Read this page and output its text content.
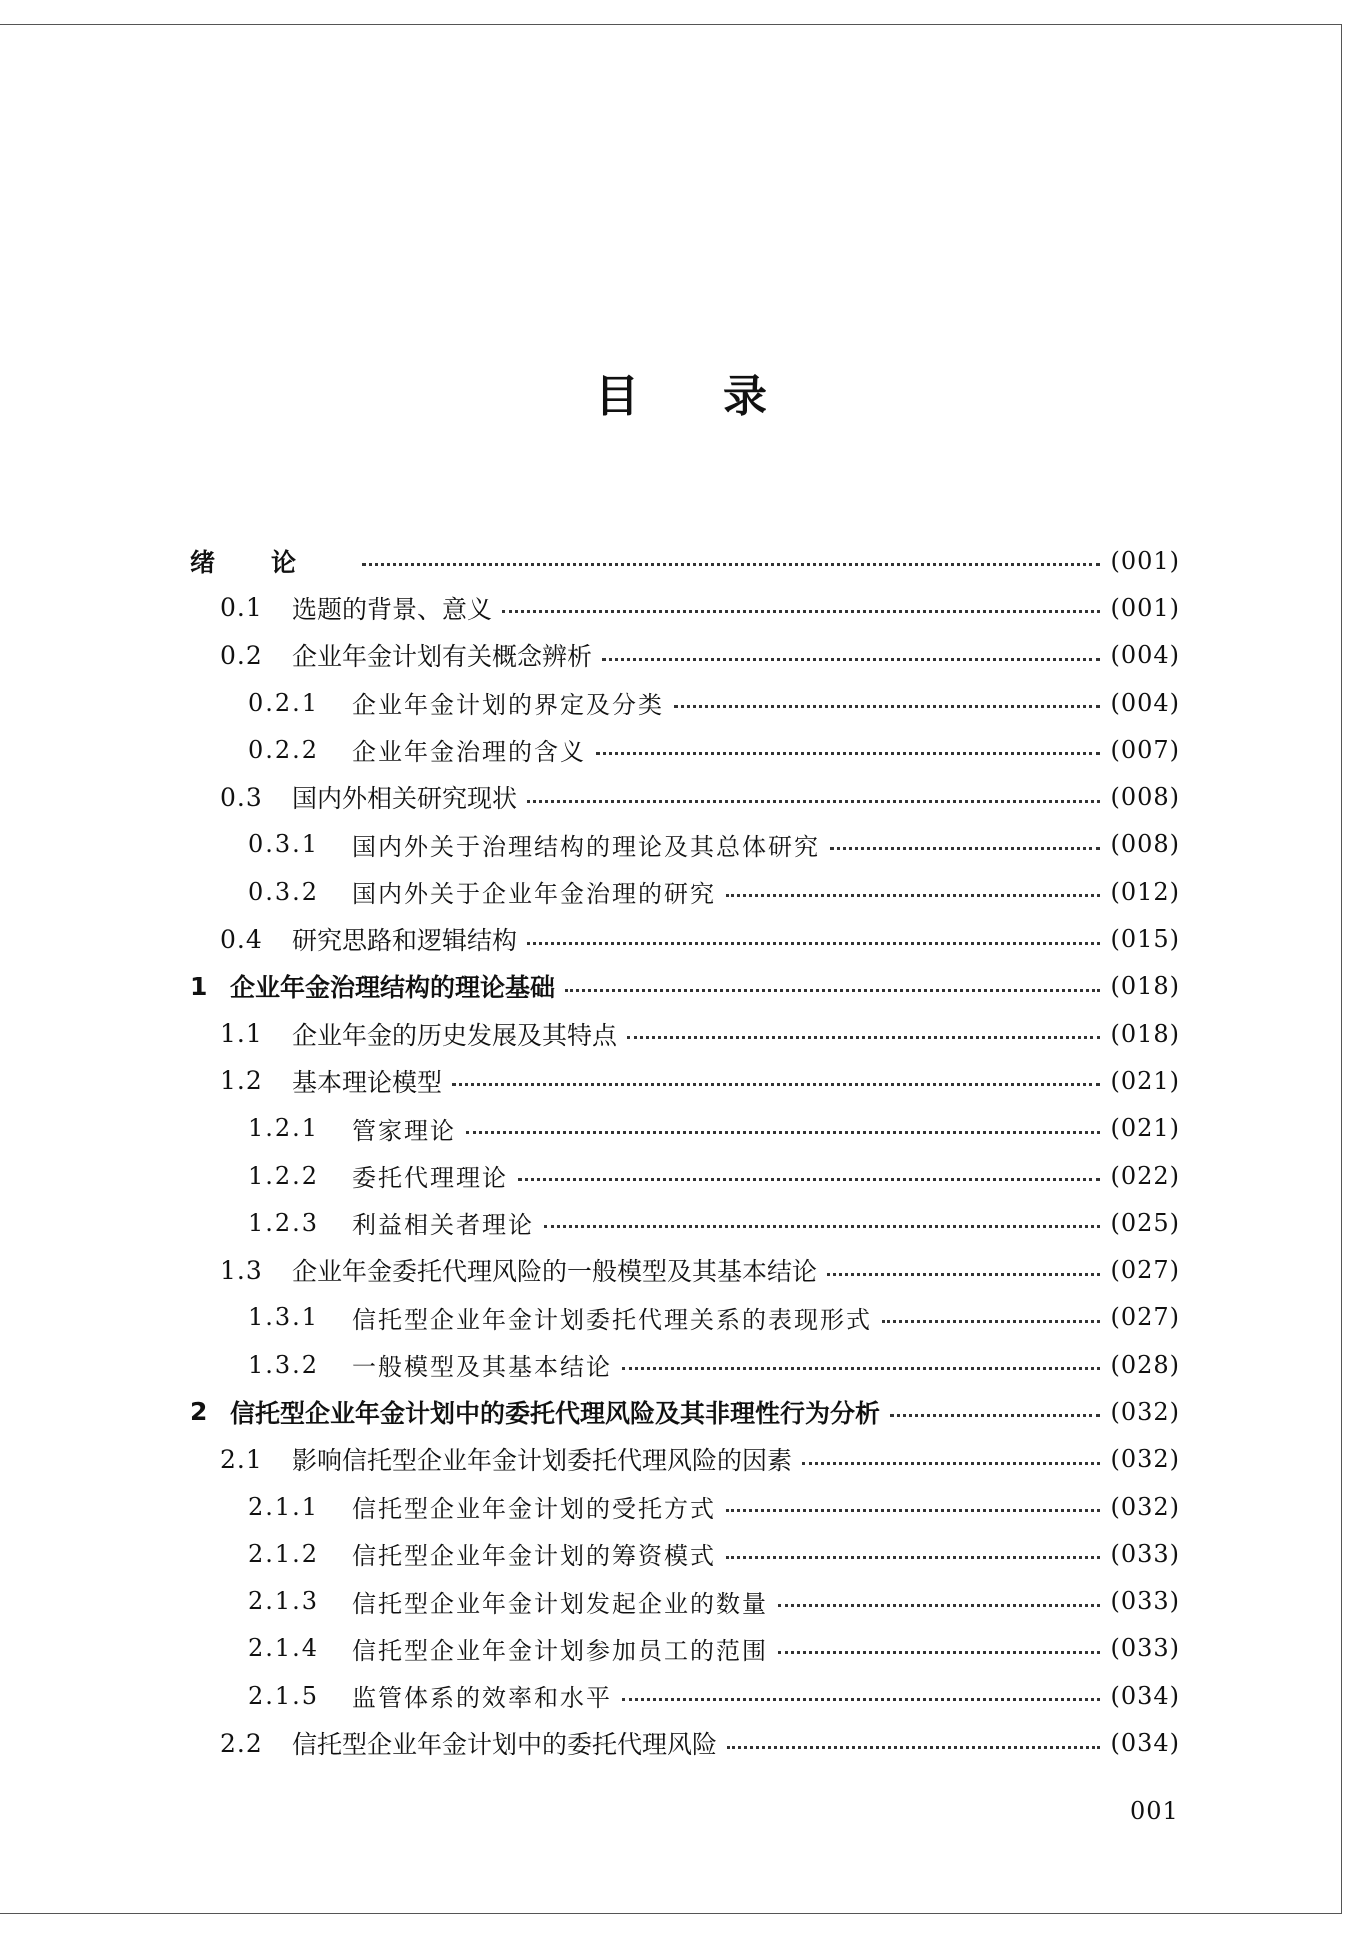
目录
绪论	(001)
0.1	选题的背景、意义	(001)
0.2	企业年金计划有关概念辨析	(004)
0.2.1	企业年金计划的界定及分类	(004)
0.2.2	企业年金治理的含义	(007)
0.3	国内外相关研究现状	(008)
0.3.1	国内外关于治理结构的理论及其总体研究	(008)
0.3.2	国内外关于企业年金治理的研究	(012)
0.4	研究思路和逻辑结构	(015)
1 企业年金治理结构的理论基础	(018)
1.1	企业年金的历史发展及其特点	(018)
1.2	基本理论模型	(021)
1.2.1	管家理论	(021)
1.2.2	委托代理理论	(022)
1.2.3	利益相关者理论	(025)
1.3	企业年金委托代理风险的一般模型及其基本结论	(027)
1.3.1	信托型企业年金计划委托代理关系的表现形式	(027)
1.3.2	一般模型及其基本结论	(028)
2 信托型企业年金计划中的委托代理风险及其非理性行为分析	(032)
2.1	影响信托型企业年金计划委托代理风险的因素	(032)
2.1.1	信托型企业年金计划的受托方式	(032)
2.1.2	信托型企业年金计划的筹资模式	(033)
2.1.3	信托型企业年金计划发起企业的数量	(033)
2.1.4	信托型企业年金计划参加员工的范围	(033)
2.1.5	监管体系的效率和水平	(034)
2.2	信托型企业年金计划中的委托代理风险	(034)
001
